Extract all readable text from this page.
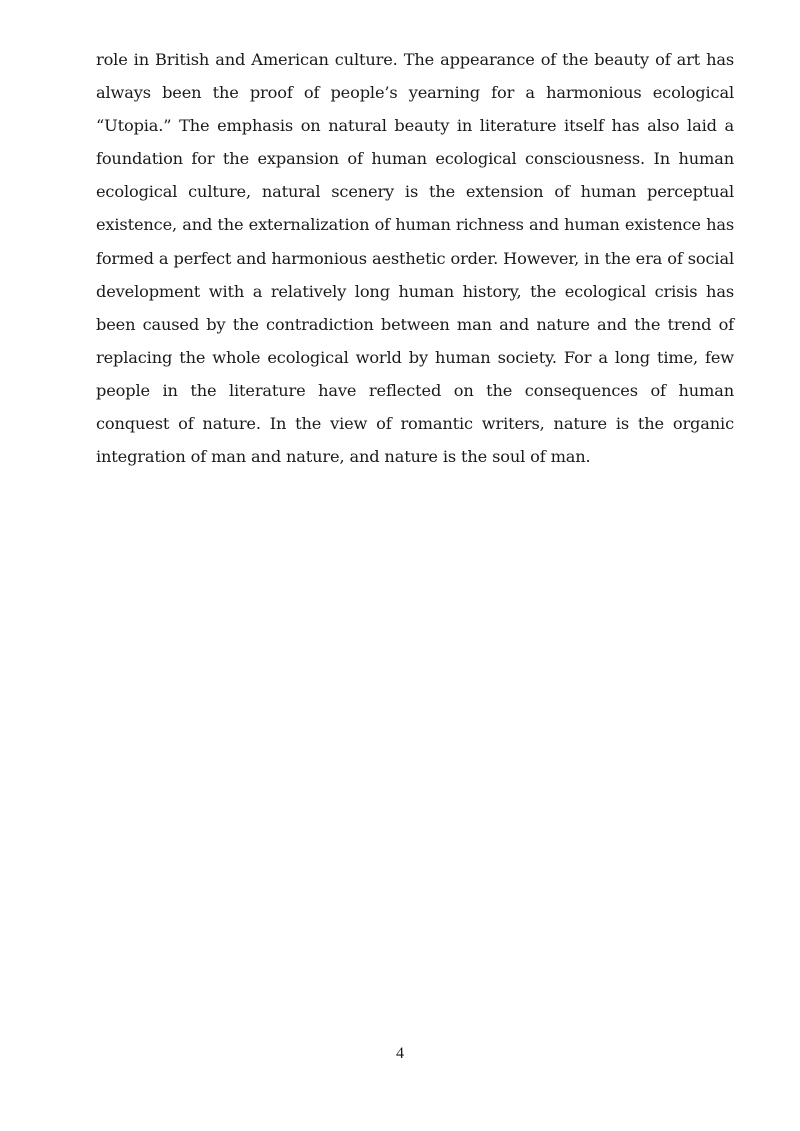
role in British and American culture. The appearance of the beauty of art has always been the proof of people’s yearning for a harmonious ecological “Utopia.” The emphasis on natural beauty in literature itself has also laid a foundation for the expansion of human ecological consciousness. In human ecological culture, natural scenery is the extension of human perceptual existence, and the externalization of human richness and human existence has formed a perfect and harmonious aesthetic order. However, in the era of social development with a relatively long human history, the ecological crisis has been caused by the contradiction between man and nature and the trend of replacing the whole ecological world by human society. For a long time, few people in the literature have reflected on the consequences of human conquest of nature. In the view of romantic writers, nature is the organic integration of man and nature, and nature is the soul of man.

4
